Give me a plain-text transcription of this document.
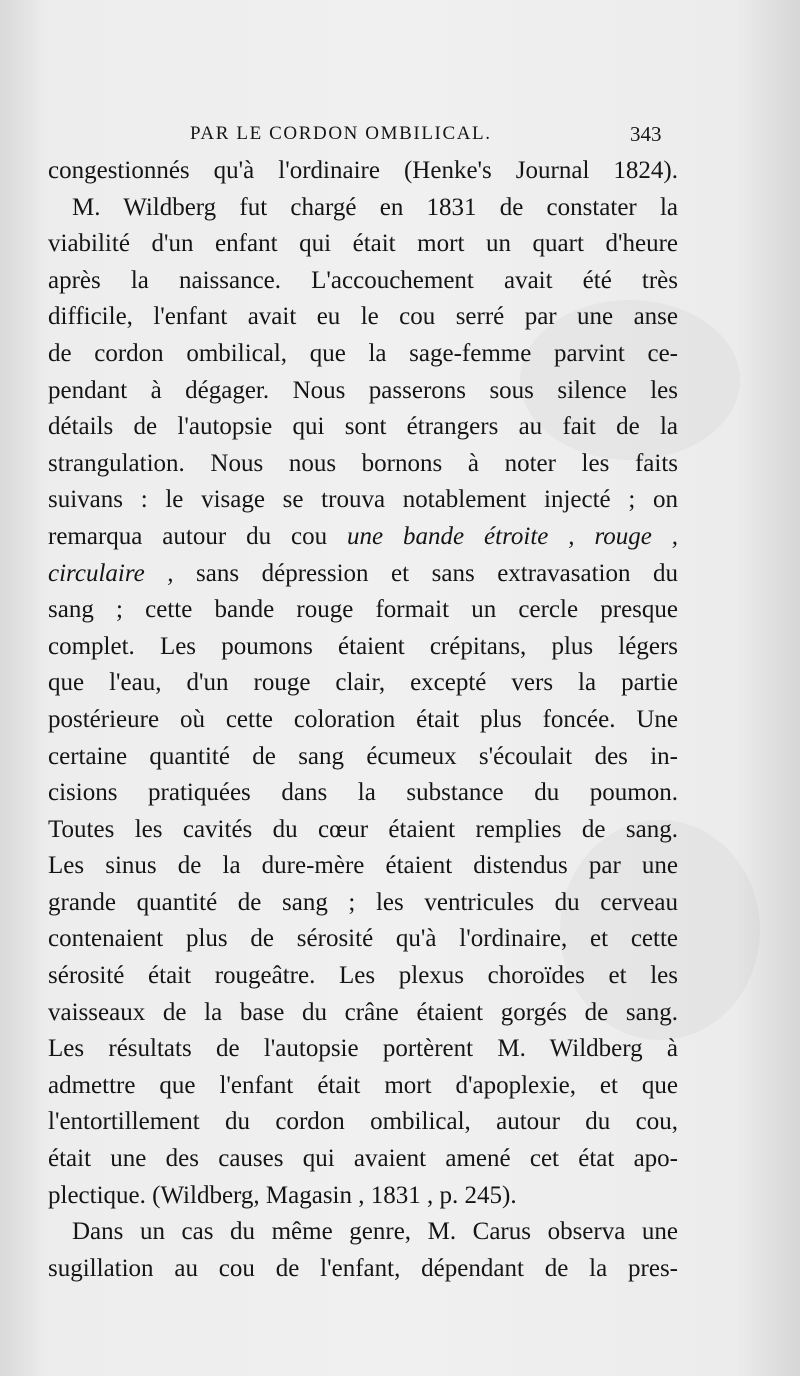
PAR LE CORDON OMBILICAL.	343
congestionnés qu'à l'ordinaire (Henke's Journal 1824).
M. Wildberg fut chargé en 1831 de constater la
viabilité d'un enfant qui était mort un quart d'heure
après la naissance. L'accouchement avait été très
difficile, l'enfant avait eu le cou serré par une anse
de cordon ombilical, que la sage-femme parvint ce-
pendant à dégager. Nous passerons sous silence les
détails de l'autopsie qui sont étrangers au fait de la
strangulation. Nous nous bornons à noter les faits
suivans : le visage se trouva notablement injecté ; on
remarqua autour du cou une bande étroite , rouge ,
circulaire , sans dépression et sans extravasation du
sang ; cette bande rouge formait un cercle presque
complet. Les poumons étaient crépitans, plus légers
que l'eau, d'un rouge clair, excepté vers la partie
postérieure où cette coloration était plus foncée. Une
certaine quantité de sang écumeux s'écoulait des in-
cisions pratiquées dans la substance du poumon.
Toutes les cavités du cœur étaient remplies de sang.
Les sinus de la dure-mère étaient distendus par une
grande quantité de sang ; les ventricules du cerveau
contenaient plus de sérosité qu'à l'ordinaire, et cette
sérosité était rougeâtre. Les plexus choroïdes et les
vaisseaux de la base du crâne étaient gorgés de sang.
Les résultats de l'autopsie portèrent M. Wildberg à
admettre que l'enfant était mort d'apoplexie, et que
l'entortillement du cordon ombilical, autour du cou,
était une des causes qui avaient amené cet état apo-
plectique. (Wildberg, Magasin , 1831 , p. 245).
Dans un cas du même genre, M. Carus observa une
sugillation au cou de l'enfant, dépendant de la pres-
